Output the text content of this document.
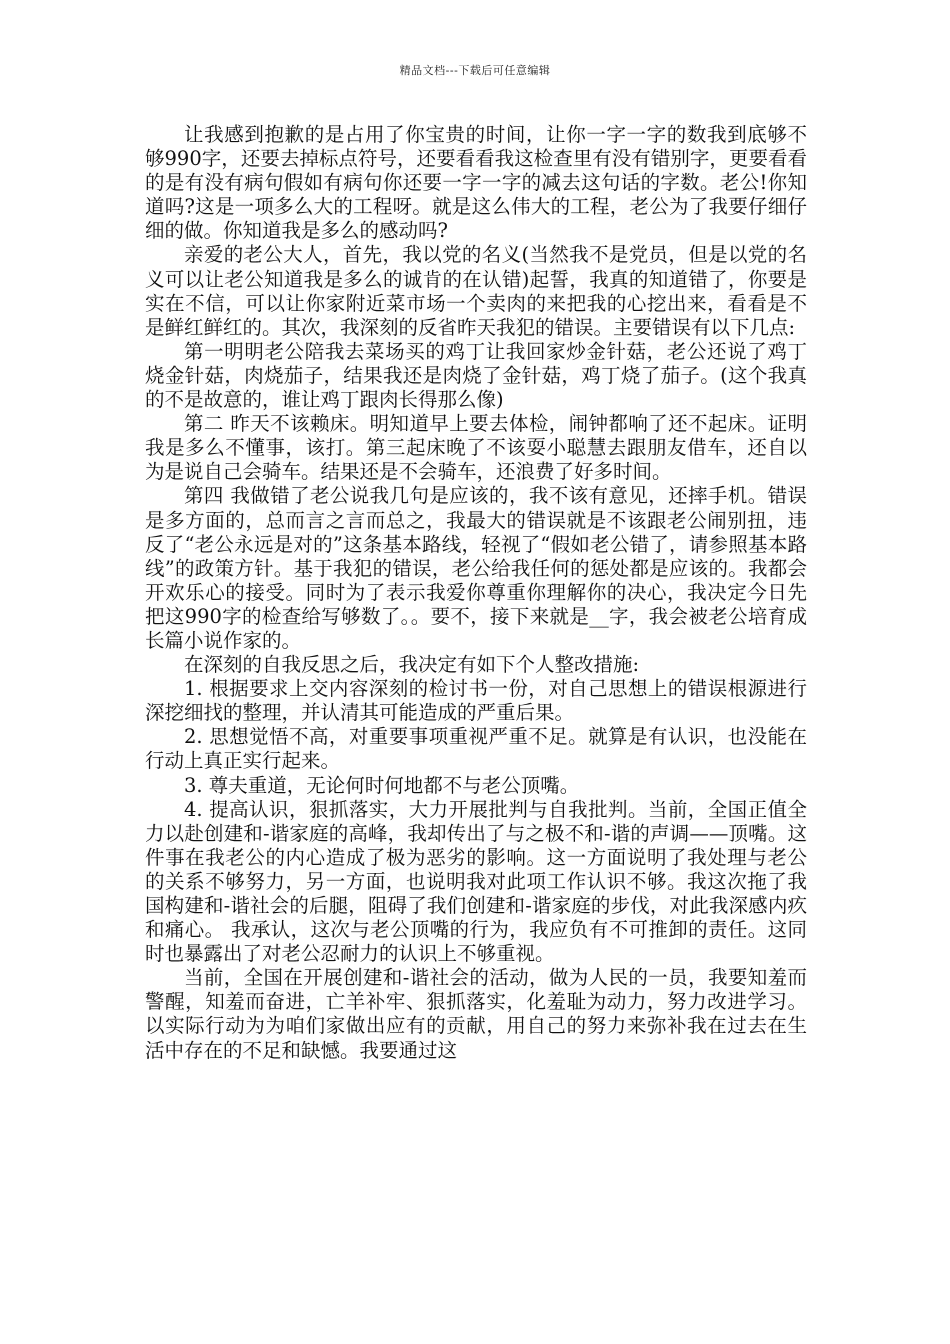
精品文档---下载后可任意编辑

让我感到抱歉的是占用了你宝贵的时间，让你一字一字的数我到底够不够990字，还要去掉标点符号，还要看看我这检查里有没有错别字，更要看看的是有没有病句假如有病句你还要一字一字的减去这句话的字数。老公!你知道吗?这是一项多么大的工程呀。就是这么伟大的工程，老公为了我要仔细仔细的做。你知道我是多么的感动吗?

亲爱的老公大人，首先，我以党的名义(当然我不是党员，但是以党的名义可以让老公知道我是多么的诚肯的在认错)起誓，我真的知道错了，你要是实在不信，可以让你家附近菜市场一个卖肉的来把我的心挖出来，看看是不是鲜红鲜红的。其次，我深刻的反省昨天我犯的错误。主要错误有以下几点:

第一明明老公陪我去菜场买的鸡丁让我回家炒金针菇，老公还说了鸡丁烧金针菇，肉烧茄子，结果我还是肉烧了金针菇，鸡丁烧了茄子。(这个我真的不是故意的，谁让鸡丁跟肉长得那么像)

第二 昨天不该赖床。明知道早上要去体检，闹钟都响了还不起床。证明我是多么不懂事，该打。第三起床晚了不该耍小聪慧去跟朋友借车，还自以为是说自己会骑车。结果还是不会骑车，还浪费了好多时间。

第四 我做错了老公说我几句是应该的，我不该有意见，还摔手机。错误是多方面的，总而言之言而总之，我最大的错误就是不该跟老公闹别扭，违反了“老公永远是对的”这条基本路线，轻视了“假如老公错了，请参照基本路线”的政策方针。基于我犯的错误，老公给我任何的惩处都是应该的。我都会开欢乐心的接受。同时为了表示我爱你尊重你理解你的决心，我决定今日先把这990字的检查给写够数了。。要不，接下来就是__字，我会被老公培育成长篇小说作家的。

在深刻的自我反思之后，我决定有如下个人整改措施:

1. 根据要求上交内容深刻的检讨书一份，对自己思想上的错误根源进行深挖细找的整理，并认清其可能造成的严重后果。

2. 思想觉悟不高，对重要事项重视严重不足。就算是有认识，也没能在行动上真正实行起来。

3. 尊夫重道，无论何时何地都不与老公顶嘴。

4. 提高认识，狠抓落实，大力开展批判与自我批判。当前，全国正值全力以赴创建和-谐家庭的高峰，我却传出了与之极不和-谐的声调——顶嘴。这件事在我老公的内心造成了极为恶劣的影响。这一方面说明了我处理与老公的关系不够努力，另一方面，也说明我对此项工作认识不够。我这次拖了我国构建和-谐社会的后腿，阻碍了我们创建和-谐家庭的步伐，对此我深感内疚和痛心。 我承认，这次与老公顶嘴的行为，我应负有不可推卸的责任。这同时也暴露出了对老公忍耐力的认识上不够重视。

当前，全国在开展创建和-谐社会的活动，做为人民的一员，我要知羞而警醒，知羞而奋进，亡羊补牢、狠抓落实，化羞耻为动力，努力改进学习。以实际行动为为咱们家做出应有的贡献，用自己的努力来弥补我在过去在生活中存在的不足和缺憾。我要通过这
